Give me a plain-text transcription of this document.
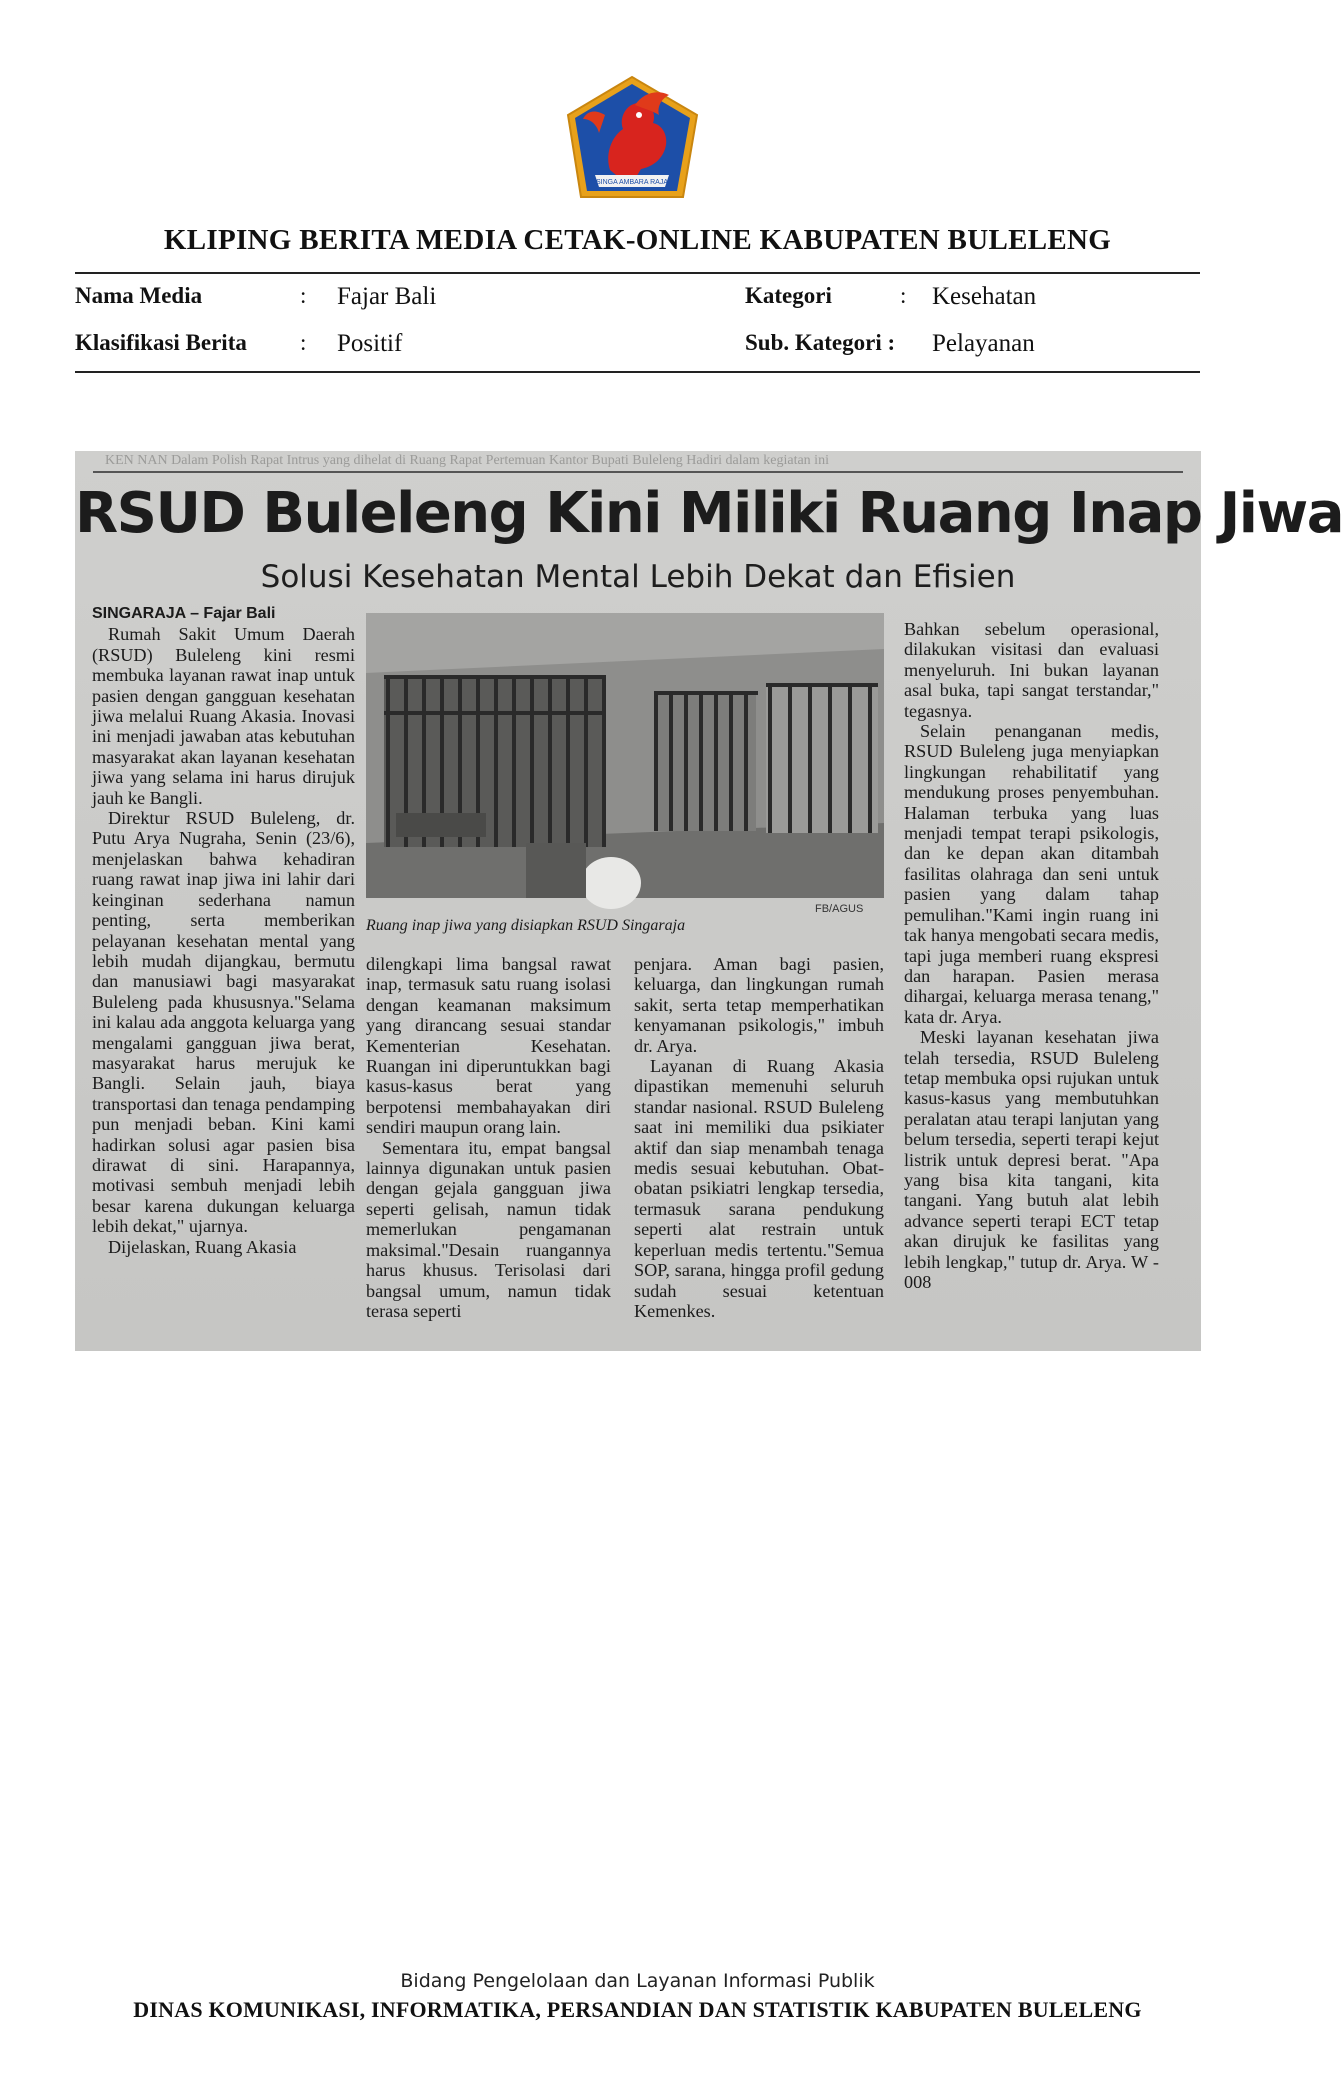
SINGA AMBARA RAJA
KLIPING BERITA MEDIA CETAK-ONLINE KABUPATEN BULELENG
Nama Media	: Fajar Bali	Kategori	: Kesehatan
Klasifikasi Berita : Positif	Sub. Kategori : Pelayanan
KEN NAN Dalam Polish Rapat Intrus yang dihelat di Ruang Rapat Pertemuan Kantor Bupati Buleleng Hadiri dalam kegiatan ini
RSUD Buleleng Kini Miliki Ruang Inap Jiwa
Solusi Kesehatan Mental Lebih Dekat dan Efisien

SINGARAJA – Fajar Bali

Rumah Sakit Umum Daerah (RSUD) Buleleng kini resmi membuka layanan rawat inap untuk pasien dengan gangguan kesehatan jiwa melalui Ruang Akasia. Inovasi ini menjadi jawaban atas kebutuhan masyarakat akan layanan kesehatan jiwa yang selama ini harus dirujuk jauh ke Bangli.

Direktur RSUD Buleleng, dr. Putu Arya Nugraha, Senin (23/6), menjelaskan bahwa kehadiran ruang rawat inap jiwa ini lahir dari keinginan sederhana namun penting, serta memberikan pelayanan kesehatan mental yang lebih mudah dijangkau, bermutu dan manusiawi bagi masyarakat Buleleng pada khususnya."Selama ini kalau ada anggota keluarga yang mengalami gangguan jiwa berat, masyarakat harus merujuk ke Bangli. Selain jauh, biaya transportasi dan tenaga pendamping pun menjadi beban. Kini kami hadirkan solusi agar pasien bisa dirawat di sini. Harapannya, motivasi sembuh menjadi lebih besar karena dukungan keluarga lebih dekat," ujarnya.

Dijelaskan, Ruang Akasia

FB/AGUS
Ruang inap jiwa yang disiapkan RSUD Singaraja

dilengkapi lima bangsal rawat inap, termasuk satu ruang isolasi dengan keamanan maksimum yang dirancang sesuai standar Kementerian Kesehatan. Ruangan ini diperuntukkan bagi kasus-kasus berat yang berpotensi membahayakan diri sendiri maupun orang lain.

Sementara itu, empat bangsal lainnya digunakan untuk pasien dengan gejala gangguan jiwa seperti gelisah, namun tidak memerlukan pengamanan maksimal."Desain ruangannya harus khusus. Terisolasi dari bangsal umum, namun tidak terasa seperti

penjara. Aman bagi pasien, keluarga, dan lingkungan rumah sakit, serta tetap memperhatikan kenyamanan psikologis," imbuh dr. Arya.

Layanan di Ruang Akasia dipastikan memenuhi seluruh standar nasional. RSUD Buleleng saat ini memiliki dua psikiater aktif dan siap menambah tenaga medis sesuai kebutuhan. Obat-obatan psikiatri lengkap tersedia, termasuk sarana pendukung seperti alat restrain untuk keperluan medis tertentu."Semua SOP, sarana, hingga profil gedung sudah sesuai ketentuan Kemenkes.

Bahkan sebelum operasional, dilakukan visitasi dan evaluasi menyeluruh. Ini bukan layanan asal buka, tapi sangat terstandar," tegasnya.

Selain penanganan medis, RSUD Buleleng juga menyiapkan lingkungan rehabilitatif yang mendukung proses penyembuhan. Halaman terbuka yang luas menjadi tempat terapi psikologis, dan ke depan akan ditambah fasilitas olahraga dan seni untuk pasien yang dalam tahap pemulihan."Kami ingin ruang ini tak hanya mengobati secara medis, tapi juga memberi ruang ekspresi dan harapan. Pasien merasa dihargai, keluarga merasa tenang," kata dr. Arya.

Meski layanan kesehatan jiwa telah tersedia, RSUD Buleleng tetap membuka opsi rujukan untuk kasus-kasus yang membutuhkan peralatan atau terapi lanjutan yang belum tersedia, seperti terapi kejut listrik untuk depresi berat. "Apa yang bisa kita tangani, kita tangani. Yang butuh alat lebih advance seperti terapi ECT tetap akan dirujuk ke fasilitas yang lebih lengkap," tutup dr. Arya. W - 008

Bidang Pengelolaan dan Layanan Informasi Publik
DINAS KOMUNIKASI, INFORMATIKA, PERSANDIAN DAN STATISTIK KABUPATEN BULELENG
